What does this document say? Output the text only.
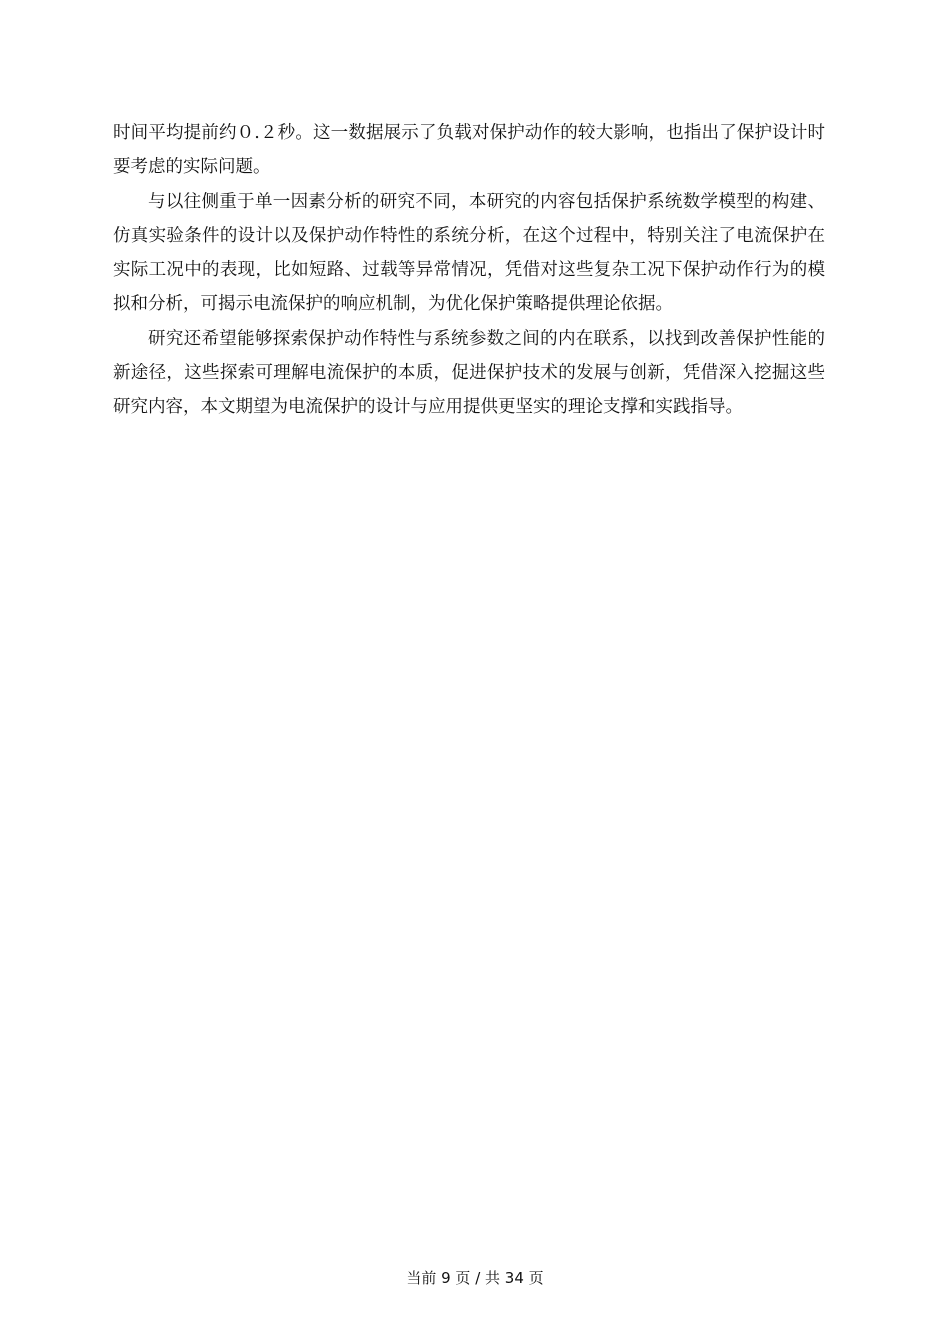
时间平均提前约０.２秒。这一数据展示了负载对保护动作的较大影响，也指出了保护设计时要考虑的实际问题。

与以往侧重于单一因素分析的研究不同，本研究的内容包括保护系统数学模型的构建、仿真实验条件的设计以及保护动作特性的系统分析，在这个过程中，特别关注了电流保护在实际工况中的表现，比如短路、过载等异常情况，凭借对这些复杂工况下保护动作行为的模拟和分析，可揭示电流保护的响应机制，为优化保护策略提供理论依据。

研究还希望能够探索保护动作特性与系统参数之间的内在联系，以找到改善保护性能的新途径，这些探索可理解电流保护的本质，促进保护技术的发展与创新，凭借深入挖掘这些研究内容，本文期望为电流保护的设计与应用提供更坚实的理论支撑和实践指导。

当前 9 页 / 共 34 页
